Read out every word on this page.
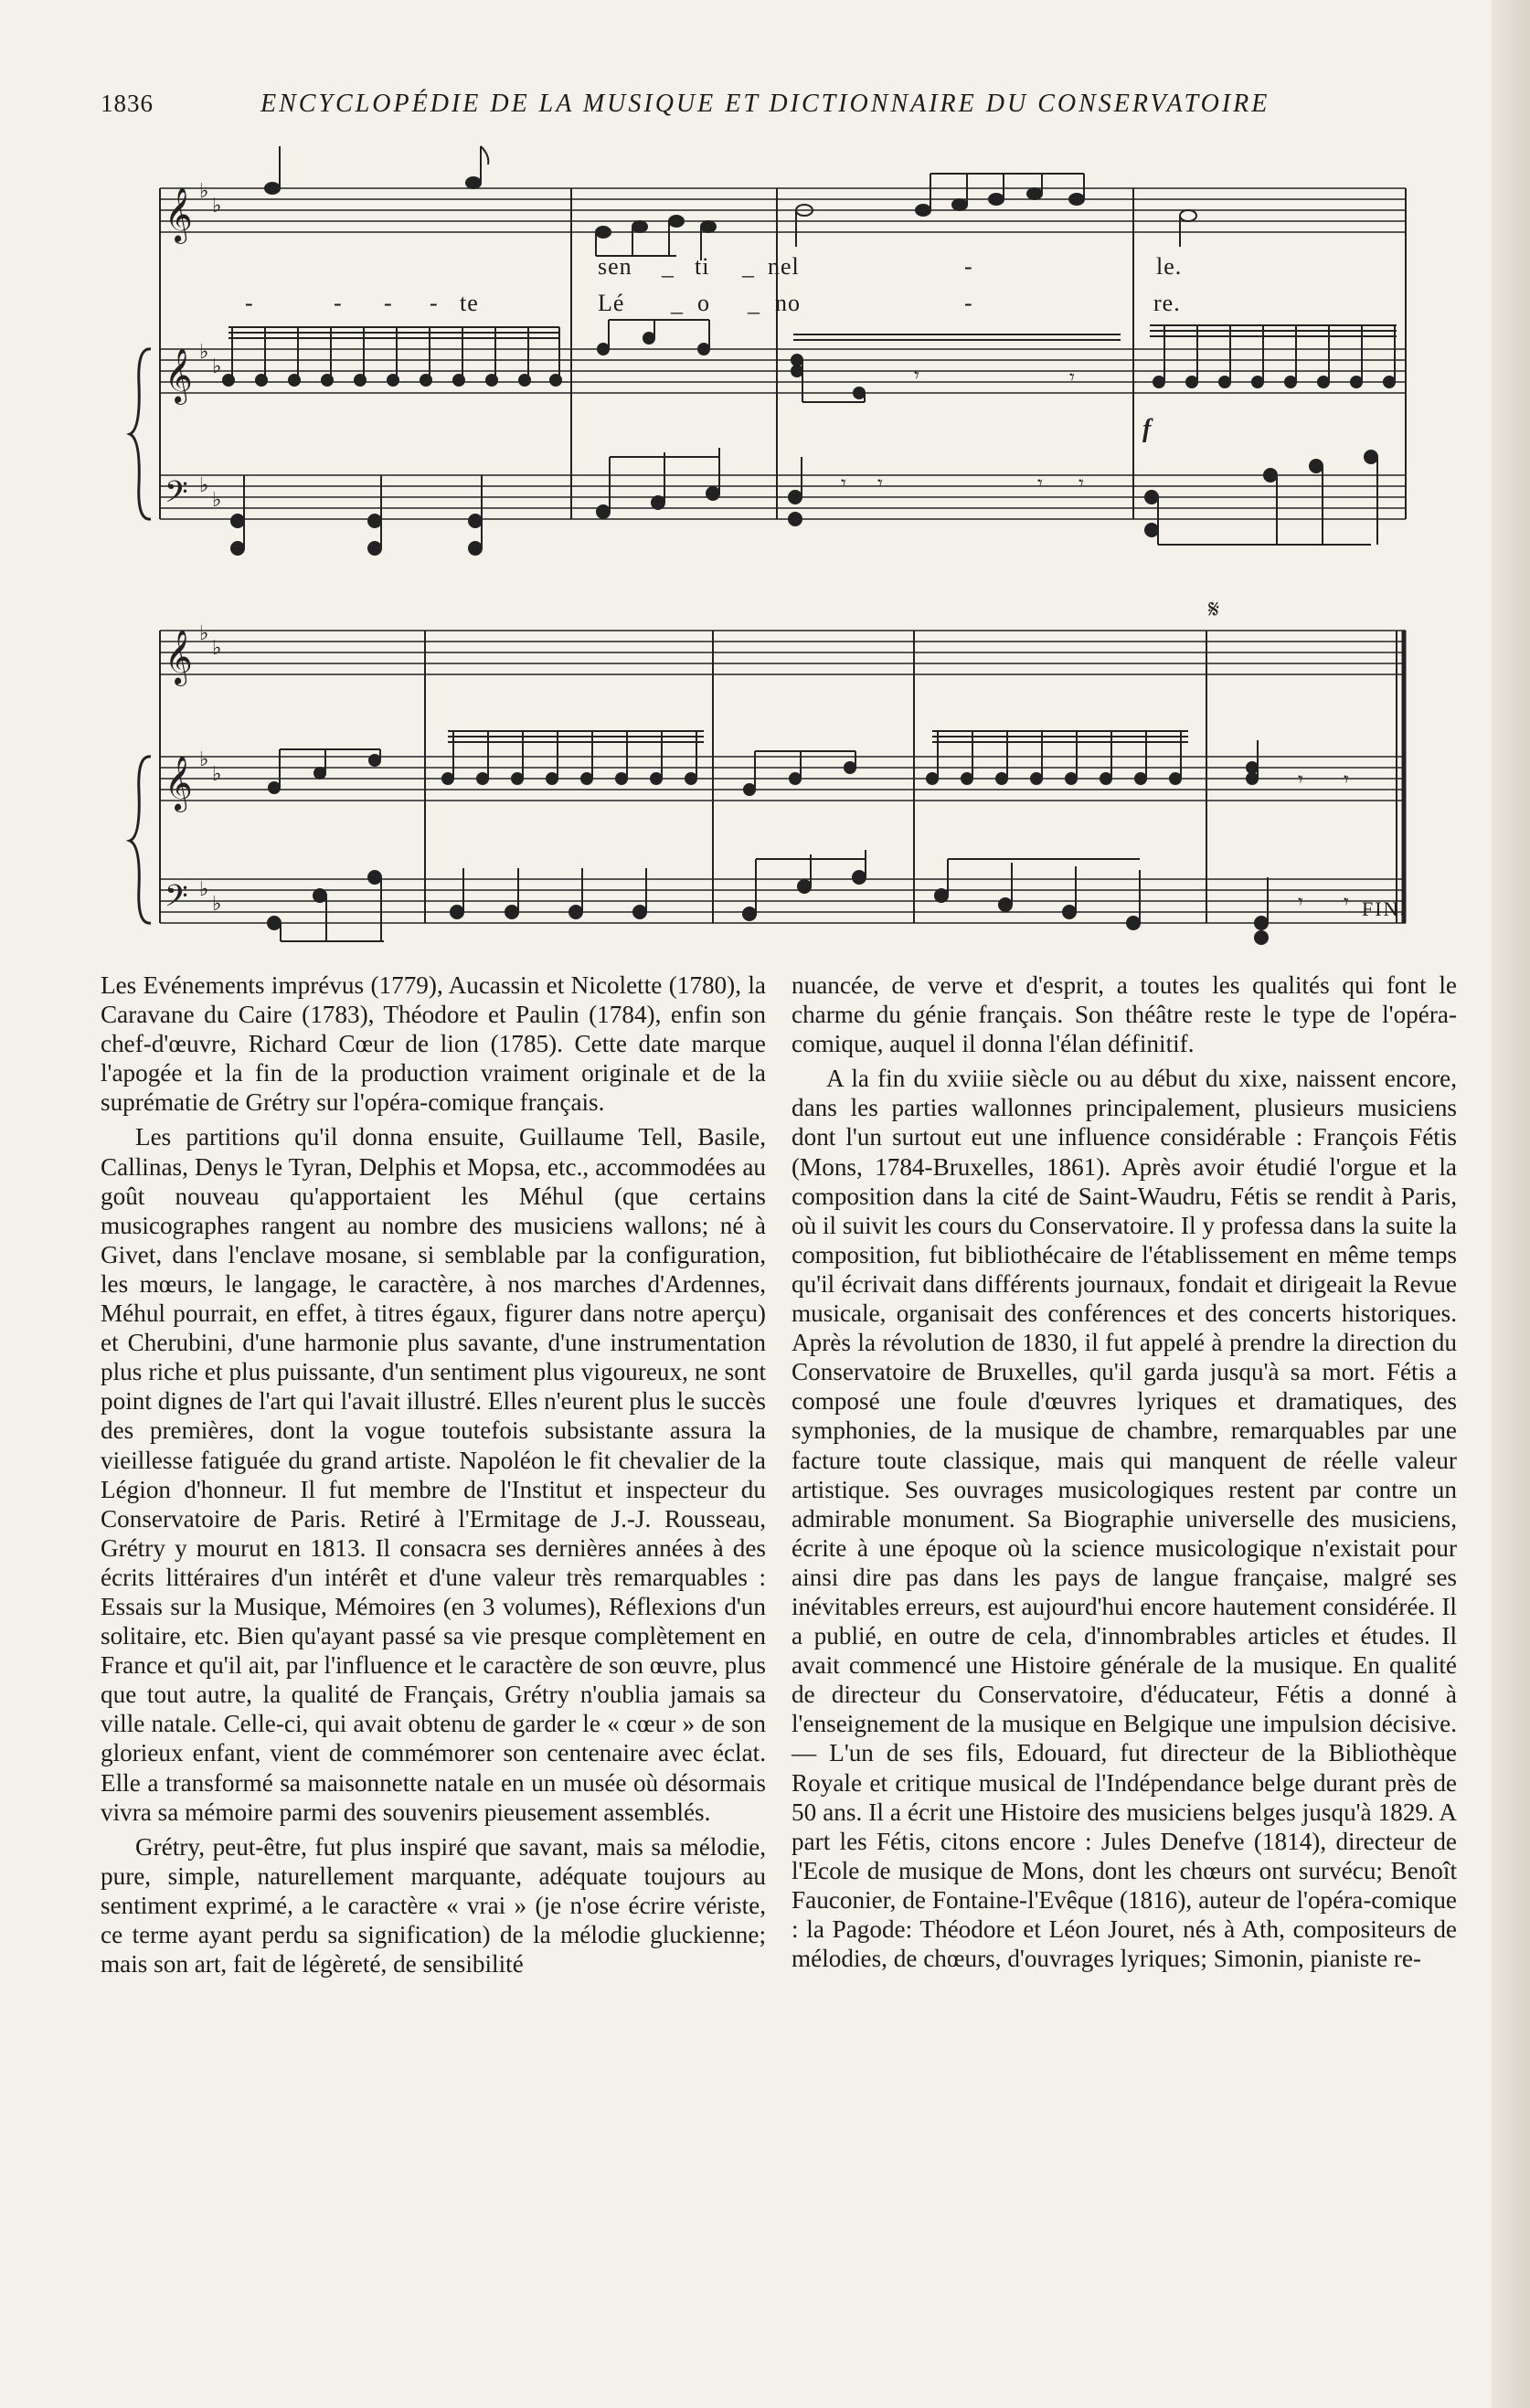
1836	ENCYCLOPÉDIE DE LA MUSIQUE ET DICTIONNAIRE DU CONSERVATOIRE
𝄞
𝄞
𝄢
𝄞
𝄞
𝄢
♭
♭
♭
♭
♭
♭
♭
♭
♭
♭
♭
♭
𝄾	𝄾
𝄾 𝄾	𝄾 𝄾
𝄾 𝄾
𝄾 𝄾
𝄋
f
sen	ti nel	le.
_	_	-
-	- - - te	Lé	o	no	re.
_	_	-
FIN.

Les Evénements imprévus (1779), Aucassin et Nicolette (1780), la Caravane du Caire (1783), Théodore et Paulin (1784), enfin son chef-d'œuvre, Richard Cœur de lion (1785). Cette date marque l'apogée et la fin de la production vraiment originale et de la suprématie de Grétry sur l'opéra-comique français.

Les partitions qu'il donna ensuite, Guillaume Tell, Basile, Callinas, Denys le Tyran, Delphis et Mopsa, etc., accommodées au goût nouveau qu'apportaient les Méhul (que certains musicographes rangent au nombre des musiciens wallons; né à Givet, dans l'enclave mosane, si semblable par la configuration, les mœurs, le langage, le caractère, à nos marches d'Ardennes, Méhul pourrait, en effet, à titres égaux, figurer dans notre aperçu) et Cherubini, d'une harmonie plus savante, d'une instrumentation plus riche et plus puissante, d'un sentiment plus vigoureux, ne sont point dignes de l'art qui l'avait illustré. Elles n'eurent plus le succès des premières, dont la vogue toutefois subsistante assura la vieillesse fatiguée du grand artiste. Napoléon le fit chevalier de la Légion d'honneur. Il fut membre de l'Institut et inspecteur du Conservatoire de Paris. Retiré à l'Ermitage de J.-J. Rousseau, Grétry y mourut en 1813. Il consacra ses dernières années à des écrits littéraires d'un intérêt et d'une valeur très remarquables : Essais sur la Musique, Mémoires (en 3 volumes), Réflexions d'un solitaire, etc. Bien qu'ayant passé sa vie presque complètement en France et qu'il ait, par l'influence et le caractère de son œuvre, plus que tout autre, la qualité de Français, Grétry n'oublia jamais sa ville natale. Celle-ci, qui avait obtenu de garder le « cœur » de son glorieux enfant, vient de commémorer son centenaire avec éclat. Elle a transformé sa maisonnette natale en un musée où désormais vivra sa mémoire parmi des souvenirs pieusement assemblés.

Grétry, peut-être, fut plus inspiré que savant, mais sa mélodie, pure, simple, naturellement marquante, adéquate toujours au sentiment exprimé, a le caractère « vrai » (je n'ose écrire vériste, ce terme ayant perdu sa signification) de la mélodie gluckienne; mais son art, fait de légèreté, de sensibilité

nuancée, de verve et d'esprit, a toutes les qualités qui font le charme du génie français. Son théâtre reste le type de l'opéra-comique, auquel il donna l'élan définitif.

A la fin du xviiie siècle ou au début du xixe, naissent encore, dans les parties wallonnes principalement, plusieurs musiciens dont l'un surtout eut une influence considérable : François Fétis (Mons, 1784-Bruxelles, 1861). Après avoir étudié l'orgue et la composition dans la cité de Saint-Waudru, Fétis se rendit à Paris, où il suivit les cours du Conservatoire. Il y professa dans la suite la composition, fut bibliothécaire de l'établissement en même temps qu'il écrivait dans différents journaux, fondait et dirigeait la Revue musicale, organisait des conférences et des concerts historiques. Après la révolution de 1830, il fut appelé à prendre la direction du Conservatoire de Bruxelles, qu'il garda jusqu'à sa mort. Fétis a composé une foule d'œuvres lyriques et dramatiques, des symphonies, de la musique de chambre, remarquables par une facture toute classique, mais qui manquent de réelle valeur artistique. Ses ouvrages musicologiques restent par contre un admirable monument. Sa Biographie universelle des musiciens, écrite à une époque où la science musicologique n'existait pour ainsi dire pas dans les pays de langue française, malgré ses inévitables erreurs, est aujourd'hui encore hautement considérée. Il a publié, en outre de cela, d'innombrables articles et études. Il avait commencé une Histoire générale de la musique. En qualité de directeur du Conservatoire, d'éducateur, Fétis a donné à l'enseignement de la musique en Belgique une impulsion décisive. — L'un de ses fils, Edouard, fut directeur de la Bibliothèque Royale et critique musical de l'Indépendance belge durant près de 50 ans. Il a écrit une Histoire des musiciens belges jusqu'à 1829. A part les Fétis, citons encore : Jules Denefve (1814), directeur de l'Ecole de musique de Mons, dont les chœurs ont survécu; Benoît Fauconier, de Fontaine-l'Evêque (1816), auteur de l'opéra-comique : la Pagode: Théodore et Léon Jouret, nés à Ath, compositeurs de mélodies, de chœurs, d'ouvrages lyriques; Simonin, pianiste re-
